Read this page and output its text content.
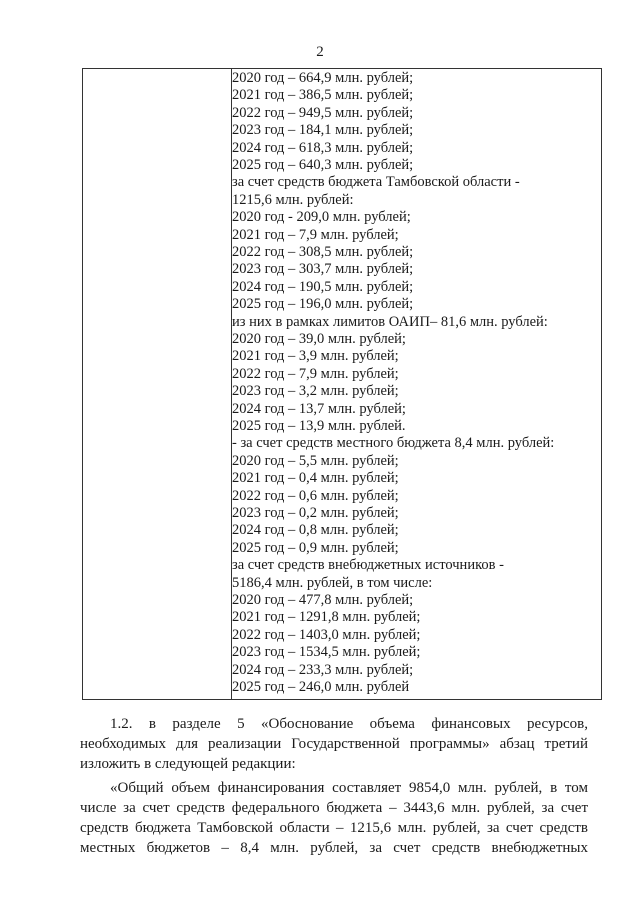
2
2020 год – 664,9 млн. рублей;
2021 год – 386,5 млн. рублей;
2022 год – 949,5 млн. рублей;
2023 год – 184,1 млн. рублей;
2024 год – 618,3 млн. рублей;
2025 год – 640,3 млн. рублей;
за счет средств бюджета Тамбовской области -
1215,6 млн. рублей:
2020 год - 209,0 млн. рублей;
2021 год – 7,9 млн. рублей;
2022 год – 308,5 млн. рублей;
2023 год – 303,7 млн. рублей;
2024 год – 190,5 млн. рублей;
2025 год – 196,0 млн. рублей;
из них в рамках лимитов ОАИП– 81,6 млн. рублей:
2020 год – 39,0 млн. рублей;
2021 год – 3,9 млн. рублей;
2022 год – 7,9 млн. рублей;
2023 год – 3,2 млн. рублей;
2024 год – 13,7 млн. рублей;
2025 год – 13,9 млн. рублей.
- за счет средств местного бюджета 8,4 млн. рублей:
2020 год – 5,5 млн. рублей;
2021 год – 0,4 млн. рублей;
2022 год – 0,6 млн. рублей;
2023 год – 0,2 млн. рублей;
2024 год – 0,8 млн. рублей;
2025 год – 0,9 млн. рублей;
за счет средств внебюджетных источников -
5186,4 млн. рублей, в том числе:
2020 год – 477,8 млн. рублей;
2021 год – 1291,8 млн. рублей;
2022 год – 1403,0 млн. рублей;
2023 год – 1534,5 млн. рублей;
2024 год – 233,3 млн. рублей;
2025 год – 246,0 млн. рублей
1.2. в разделе 5 «Обоснование объема финансовых ресурсов,
необходимых для реализации Государственной программы» абзац третий
изложить в следующей редакции:
«Общий объем финансирования составляет 9854,0 млн. рублей, в том
числе за счет средств федерального бюджета – 3443,6 млн. рублей, за счет
средств бюджета Тамбовской области – 1215,6 млн. рублей, за счет средств
местных бюджетов – 8,4 млн. рублей, за счет средств внебюджетных
